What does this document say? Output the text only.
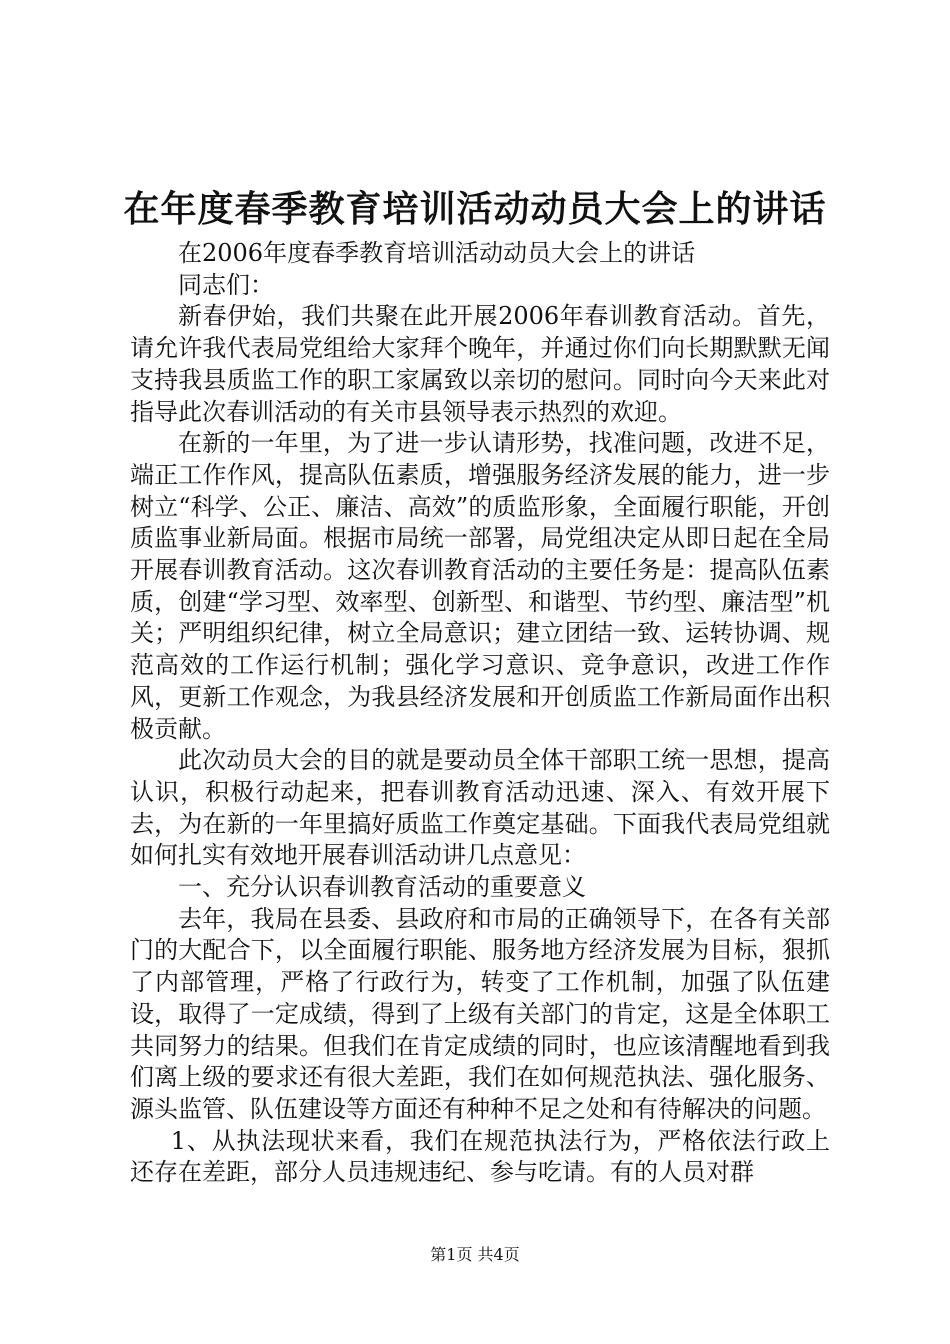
在年度春季教育培训活动动员大会上的讲话

在2006年度春季教育培训活动动员大会上的讲话

同志们：

新春伊始，我们共聚在此开展2006年春训教育活动。首先，请允许我代表局党组给大家拜个晚年，并通过你们向长期默默无闻支持我县质监工作的职工家属致以亲切的慰问。同时向今天来此对指导此次春训活动的有关市县领导表示热烈的欢迎。

在新的一年里，为了进一步认请形势，找准问题，改进不足，端正工作作风，提高队伍素质，增强服务经济发展的能力，进一步树立“科学、公正、廉洁、高效”的质监形象，全面履行职能，开创质监事业新局面。根据市局统一部署，局党组决定从即日起在全局开展春训教育活动。这次春训教育活动的主要任务是：提高队伍素质，创建“学习型、效率型、创新型、和谐型、节约型、廉洁型”机关；严明组织纪律，树立全局意识；建立团结一致、运转协调、规范高效的工作运行机制；强化学习意识、竞争意识，改进工作作风，更新工作观念，为我县经济发展和开创质监工作新局面作出积极贡献。

此次动员大会的目的就是要动员全体干部职工统一思想，提高认识，积极行动起来，把春训教育活动迅速、深入、有效开展下去，为在新的一年里搞好质监工作奠定基础。下面我代表局党组就如何扎实有效地开展春训活动讲几点意见：

一、充分认识春训教育活动的重要意义

去年，我局在县委、县政府和市局的正确领导下，在各有关部门的大配合下，以全面履行职能、服务地方经济发展为目标，狠抓了内部管理，严格了行政行为，转变了工作机制，加强了队伍建设，取得了一定成绩，得到了上级有关部门的肯定，这是全体职工共同努力的结果。但我们在肯定成绩的同时，也应该清醒地看到我们离上级的要求还有很大差距，我们在如何规范执法、强化服务、源头监管、队伍建设等方面还有种种不足之处和有待解决的问题。

1、从执法现状来看，我们在规范执法行为，严格依法行政上还存在差距，部分人员违规违纪、参与吃请。有的人员对群

第1页 共4页
